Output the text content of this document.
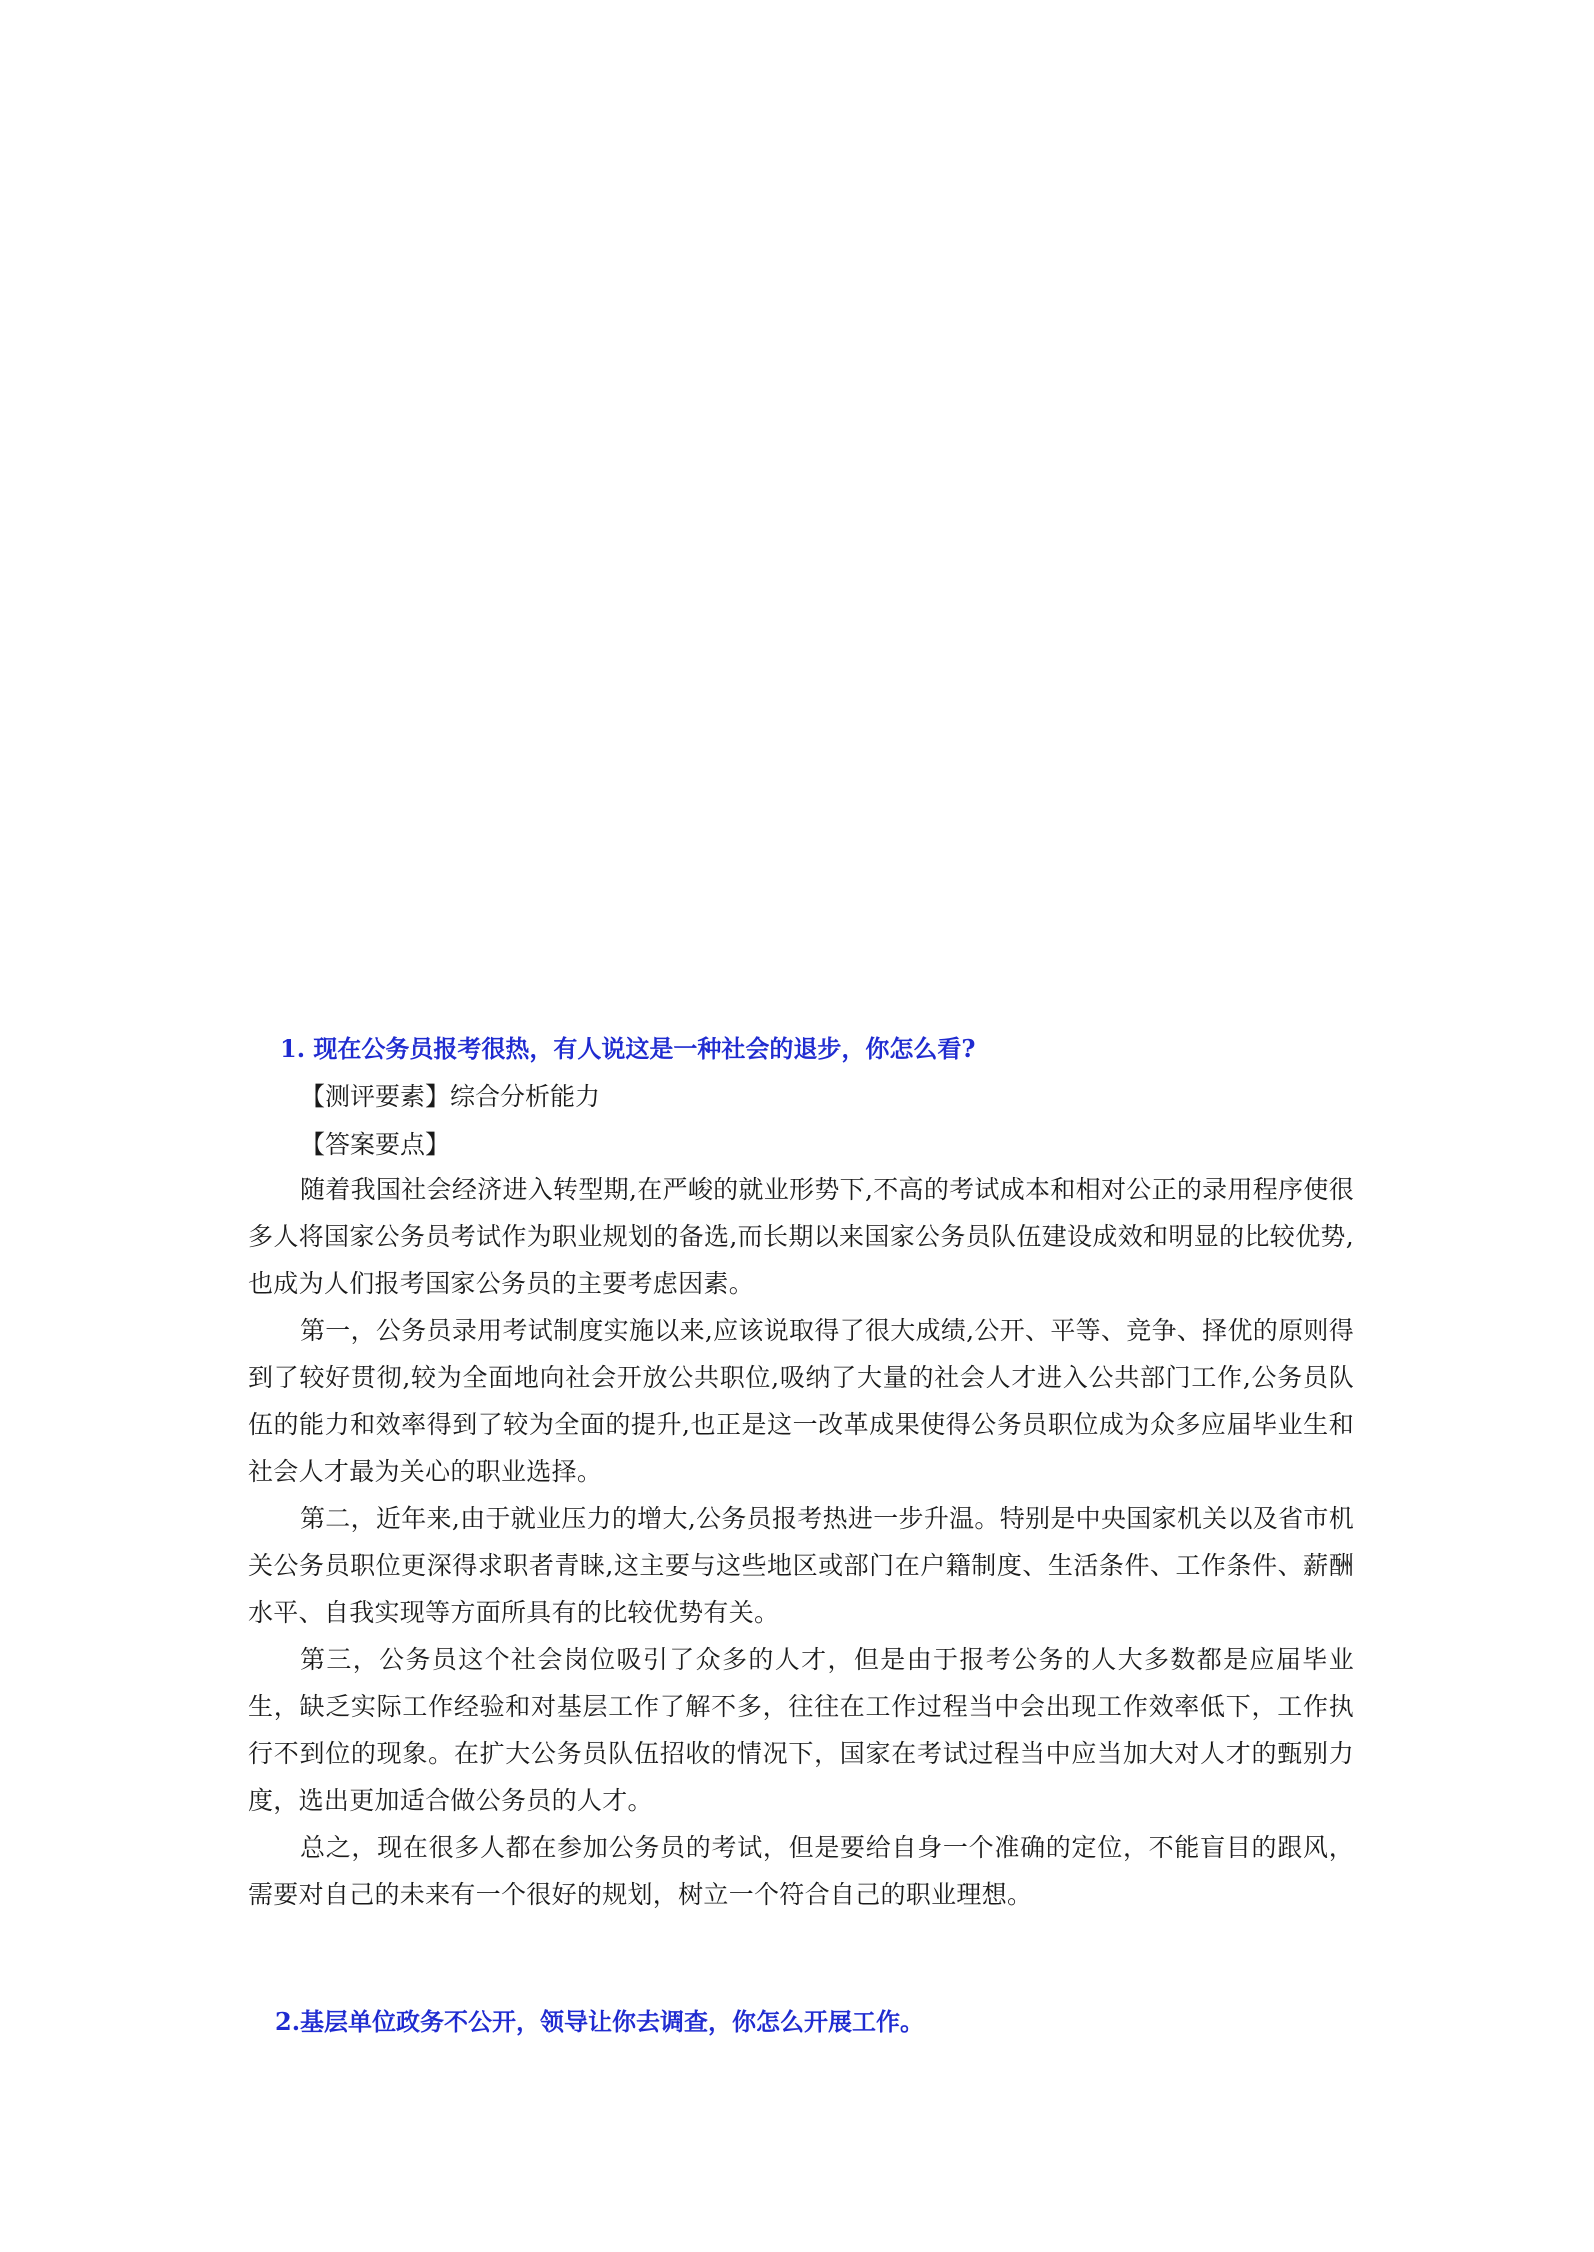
1. 现在公务员报考很热，有人说这是一种社会的退步，你怎么看?
【测评要素】综合分析能力
【答案要点】

随着我国社会经济进入转型期,在严峻的就业形势下,不高的考试成本和相对公正的录用程序使很多人将国家公务员考试作为职业规划的备选,而长期以来国家公务员队伍建设成效和明显的比较优势,也成为人们报考国家公务员的主要考虑因素。

第一，公务员录用考试制度实施以来,应该说取得了很大成绩,公开、平等、竞争、择优的原则得到了较好贯彻,较为全面地向社会开放公共职位,吸纳了大量的社会人才进入公共部门工作,公务员队伍的能力和效率得到了较为全面的提升,也正是这一改革成果使得公务员职位成为众多应届毕业生和社会人才最为关心的职业选择。

第二，近年来,由于就业压力的增大,公务员报考热进一步升温。特别是中央国家机关以及省市机关公务员职位更深得求职者青睐,这主要与这些地区或部门在户籍制度、生活条件、工作条件、薪酬水平、自我实现等方面所具有的比较优势有关。

第三，公务员这个社会岗位吸引了众多的人才，但是由于报考公务的人大多数都是应届毕业生，缺乏实际工作经验和对基层工作了解不多，往往在工作过程当中会出现工作效率低下，工作执行不到位的现象。在扩大公务员队伍招收的情况下，国家在考试过程当中应当加大对人才的甄别力度，选出更加适合做公务员的人才。

总之，现在很多人都在参加公务员的考试，但是要给自身一个准确的定位，不能盲目的跟风，需要对自己的未来有一个很好的规划，树立一个符合自己的职业理想。

2.基层单位政务不公开，领导让你去调查，你怎么开展工作。
